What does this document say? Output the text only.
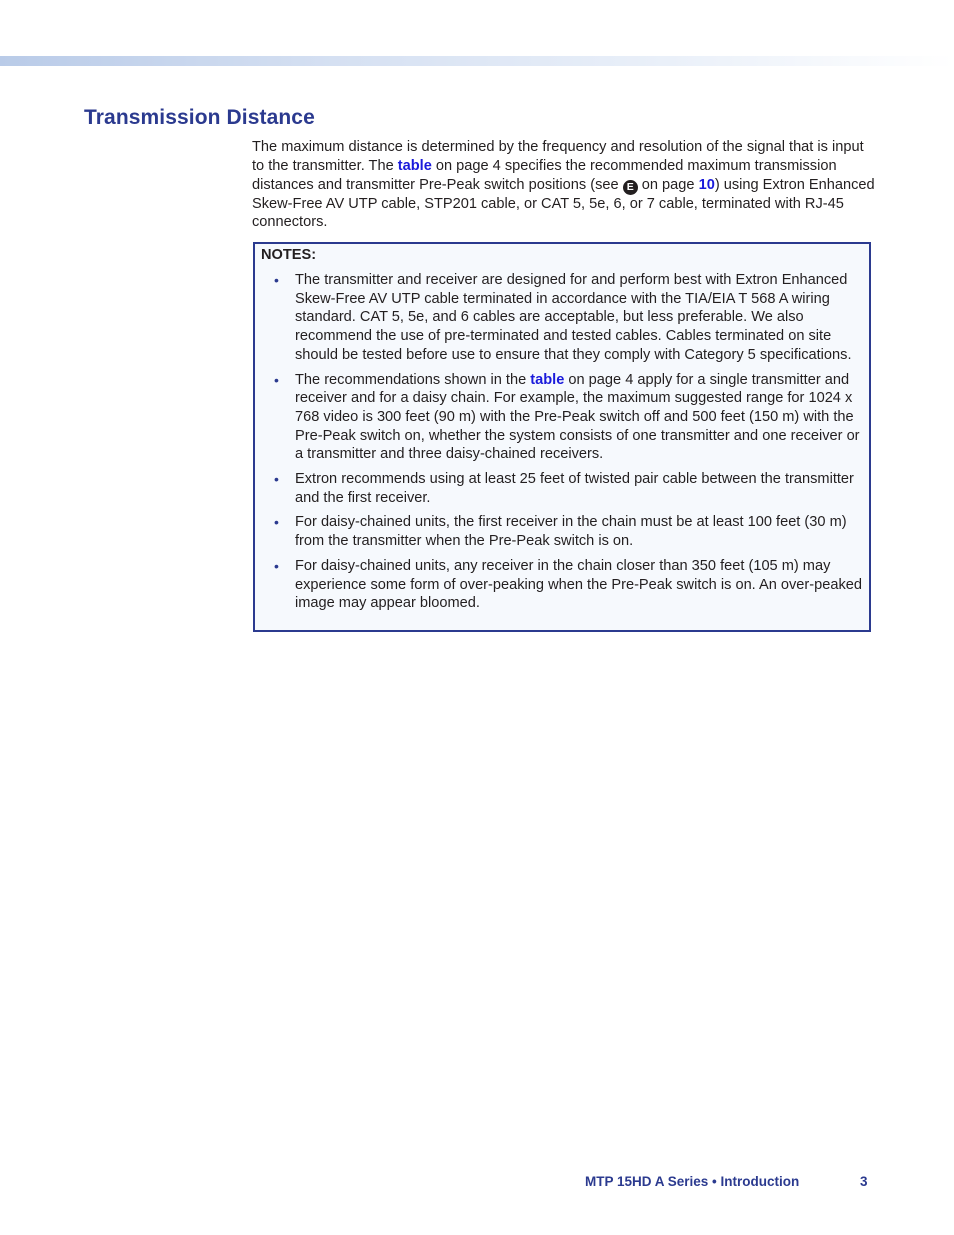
Transmission Distance

The maximum distance is determined by the frequency and resolution of the signal that is input to the transmitter. The table on page 4 specifies the recommended maximum transmission distances and transmitter Pre-Peak switch positions (see E on page 10) using Extron Enhanced Skew-Free AV UTP cable, STP201 cable, or CAT 5, 5e, 6, or 7 cable, terminated with RJ-45 connectors.

NOTES:

• The transmitter and receiver are designed for and perform best with Extron Enhanced Skew-Free AV UTP cable terminated in accordance with the TIA/EIA T 568 A wiring standard. CAT 5, 5e, and 6 cables are acceptable, but less preferable. We also recommend the use of pre-terminated and tested cables. Cables terminated on site should be tested before use to ensure that they comply with Category 5 specifications.
• The recommendations shown in the table on page 4 apply for a single transmitter and receiver and for a daisy chain. For example, the maximum suggested range for 1024 x 768 video is 300 feet (90 m) with the Pre-Peak switch off and 500 feet (150 m) with the Pre-Peak switch on, whether the system consists of one transmitter and one receiver or a transmitter and three daisy-chained receivers.
• Extron recommends using at least 25 feet of twisted pair cable between the transmitter and the first receiver.
• For daisy-chained units, the first receiver in the chain must be at least 100 feet (30 m) from the transmitter when the Pre-Peak switch is on.
• For daisy-chained units, any receiver in the chain closer than 350 feet (105 m) may experience some form of over-peaking when the Pre-Peak switch is on. An over-peaked image may appear bloomed.
MTP 15HD A Series • Introduction	3
